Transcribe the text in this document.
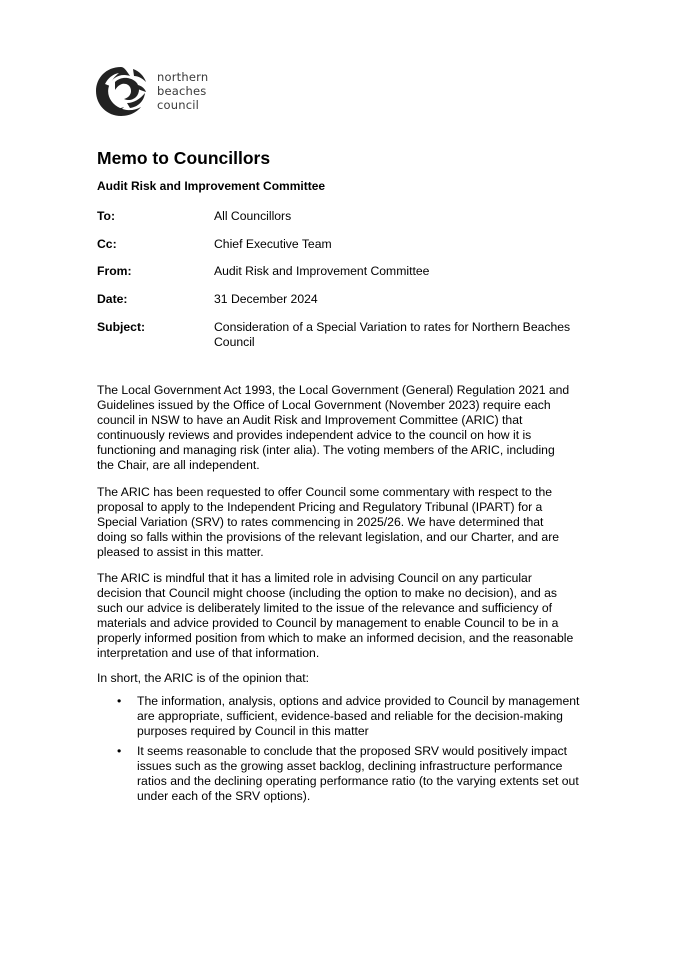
northern
beaches
council
Memo to Councillors
Audit Risk and Improvement Committee
To:	All Councillors
Cc:	Chief Executive Team
From:	Audit Risk and Improvement Committee
Date:	31 December 2024
Subject:	Consideration of a Special Variation to rates for Northern Beaches Council

The Local Government Act 1993, the Local Government (General) Regulation 2021 and Guidelines issued by the Office of Local Government (November 2023) require each council in NSW to have an Audit Risk and Improvement Committee (ARIC) that continuously reviews and provides independent advice to the council on how it is functioning and managing risk (inter alia). The voting members of the ARIC, including the Chair, are all independent.

The ARIC has been requested to offer Council some commentary with respect to the proposal to apply to the Independent Pricing and Regulatory Tribunal (IPART) for a Special Variation (SRV) to rates commencing in 2025/26. We have determined that doing so falls within the provisions of the relevant legislation, and our Charter, and are pleased to assist in this matter.

The ARIC is mindful that it has a limited role in advising Council on any particular decision that Council might choose (including the option to make no decision), and as such our advice is deliberately limited to the issue of the relevance and sufficiency of materials and advice provided to Council by management to enable Council to be in a properly informed position from which to make an informed decision, and the reasonable interpretation and use of that information.

In short, the ARIC is of the opinion that:

• The information, analysis, options and advice provided to Council by management are appropriate, sufficient, evidence-based and reliable for the decision-making purposes required by Council in this matter
• It seems reasonable to conclude that the proposed SRV would positively impact issues such as the growing asset backlog, declining infrastructure performance ratios and the declining operating performance ratio (to the varying extents set out under each of the SRV options).
